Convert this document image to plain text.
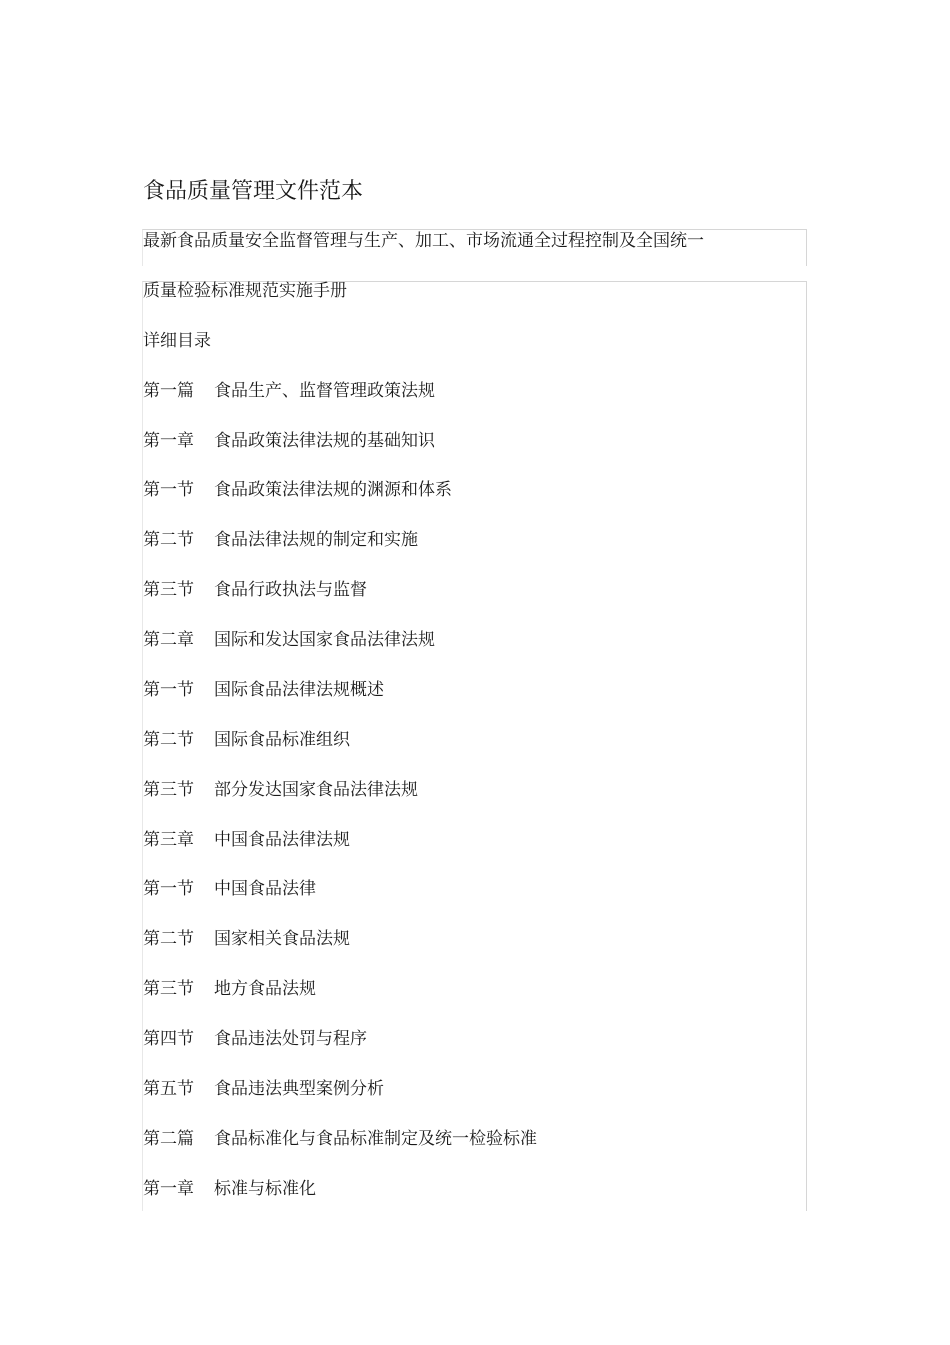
食品质量管理文件范本
最新食品质量安全监督管理与生产、加工、市场流通全过程控制及全国统一
质量检验标准规范实施手册
详细目录
第一篇 食品生产、监督管理政策法规
第一章 食品政策法律法规的基础知识
第一节 食品政策法律法规的渊源和体系
第二节 食品法律法规的制定和实施
第三节 食品行政执法与监督
第二章 国际和发达国家食品法律法规
第一节 国际食品法律法规概述
第二节 国际食品标准组织
第三节 部分发达国家食品法律法规
第三章 中国食品法律法规
第一节 中国食品法律
第二节 国家相关食品法规
第三节 地方食品法规
第四节 食品违法处罚与程序
第五节 食品违法典型案例分析
第二篇 食品标准化与食品标准制定及统一检验标准
第一章 标准与标准化
